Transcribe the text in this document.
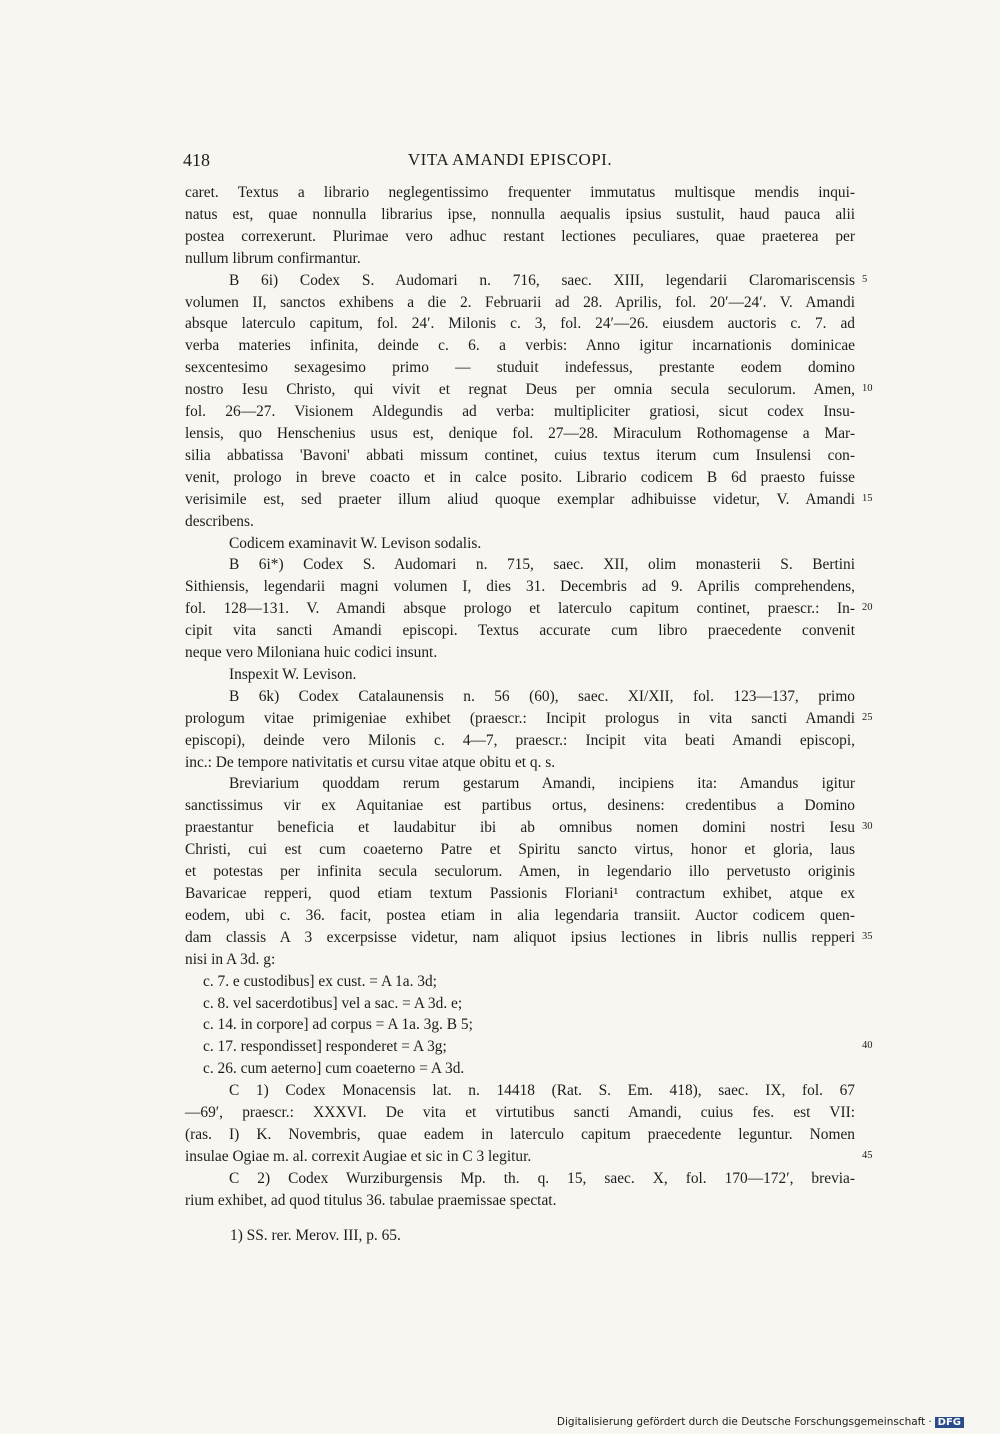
418	VITA AMANDI EPISCOPI.
caret. Textus a librario neglegentissimo frequenter immutatus multisque mendis inqui-
natus est, quae nonnulla librarius ipse, nonnulla aequalis ipsius sustulit, haud pauca alii
postea correxerunt. Plurimae vero adhuc restant lectiones peculiares, quae praeterea per
nullum librum confirmantur.
B 6i) Codex S. Audomari n. 716, saec. XIII, legendarii Claromariscensis
volumen II, sanctos exhibens a die 2. Februarii ad 28. Aprilis, fol. 20′—24′. V. Amandi
absque laterculo capitum, fol. 24′. Milonis c. 3, fol. 24′—26. eiusdem auctoris c. 7. ad
verba materies infinita, deinde c. 6. a verbis: Anno igitur incarnationis dominicae
sexcentesimo sexagesimo primo — studuit indefessus, prestante eodem domino
nostro Iesu Christo, qui vivit et regnat Deus per omnia secula seculorum. Amen,
fol. 26—27. Visionem Aldegundis ad verba: multipliciter gratiosi, sicut codex Insu-
lensis, quo Henschenius usus est, denique fol. 27—28. Miraculum Rothomagense a Mar-
silia abbatissa 'Bavoni' abbati missum continet, cuius textus iterum cum Insulensi con-
venit, prologo in breve coacto et in calce posito. Librario codicem B 6d praesto fuisse
verisimile est, sed praeter illum aliud quoque exemplar adhibuisse videtur, V. Amandi
describens.
Codicem examinavit W. Levison sodalis.
B 6i*) Codex S. Audomari n. 715, saec. XII, olim monasterii S. Bertini
Sithiensis, legendarii magni volumen I, dies 31. Decembris ad 9. Aprilis comprehendens,
fol. 128—131. V. Amandi absque prologo et laterculo capitum continet, praescr.: In-
cipit vita sancti Amandi episcopi. Textus accurate cum libro praecedente convenit
neque vero Miloniana huic codici insunt.
Inspexit W. Levison.
B 6k) Codex Catalaunensis n. 56 (60), saec. XI/XII, fol. 123—137, primo
prologum vitae primigeniae exhibet (praescr.: Incipit prologus in vita sancti Amandi
episcopi), deinde vero Milonis c. 4—7, praescr.: Incipit vita beati Amandi episcopi,
inc.: De tempore nativitatis et cursu vitae atque obitu et q. s.
Breviarium quoddam rerum gestarum Amandi, incipiens ita: Amandus igitur
sanctissimus vir ex Aquitaniae est partibus ortus, desinens: credentibus a Domino
praestantur beneficia et laudabitur ibi ab omnibus nomen domini nostri Iesu
Christi, cui est cum coaeterno Patre et Spiritu sancto virtus, honor et gloria, laus
et potestas per infinita secula seculorum. Amen, in legendario illo pervetusto originis
Bavaricae repperi, quod etiam textum Passionis Floriani¹ contractum exhibet, atque ex
eodem, ubi c. 36. facit, postea etiam in alia legendaria transiit. Auctor codicem quen-
dam classis A 3 excerpsisse videtur, nam aliquot ipsius lectiones in libris nullis repperi
nisi in A 3d. g:
c. 7. e custodibus] ex cust. = A 1a. 3d;
c. 8. vel sacerdotibus] vel a sac. = A 3d. e;
c. 14. in corpore] ad corpus = A 1a. 3g. B 5;
c. 17. respondisset] responderet = A 3g;
c. 26. cum aeterno] cum coaeterno = A 3d.
C 1) Codex Monacensis lat. n. 14418 (Rat. S. Em. 418), saec. IX, fol. 67
—69′, praescr.: XXXVI. De vita et virtutibus sancti Amandi, cuius fes. est VII:
(ras. I) K. Novembris, quae eadem in laterculo capitum praecedente leguntur. Nomen
insulae Ogiae m. al. correxit Augiae et sic in C 3 legitur.
C 2) Codex Wurziburgensis Mp. th. q. 15, saec. X, fol. 170—172′, brevia-
rium exhibet, ad quod titulus 36. tabulae praemissae spectat.
5
10
15
20
25
30
35
40
45
1) SS. rer. Merov. III, p. 65.
Digitalisierung gefördert durch die Deutsche Forschungsgemeinschaft · DFG
